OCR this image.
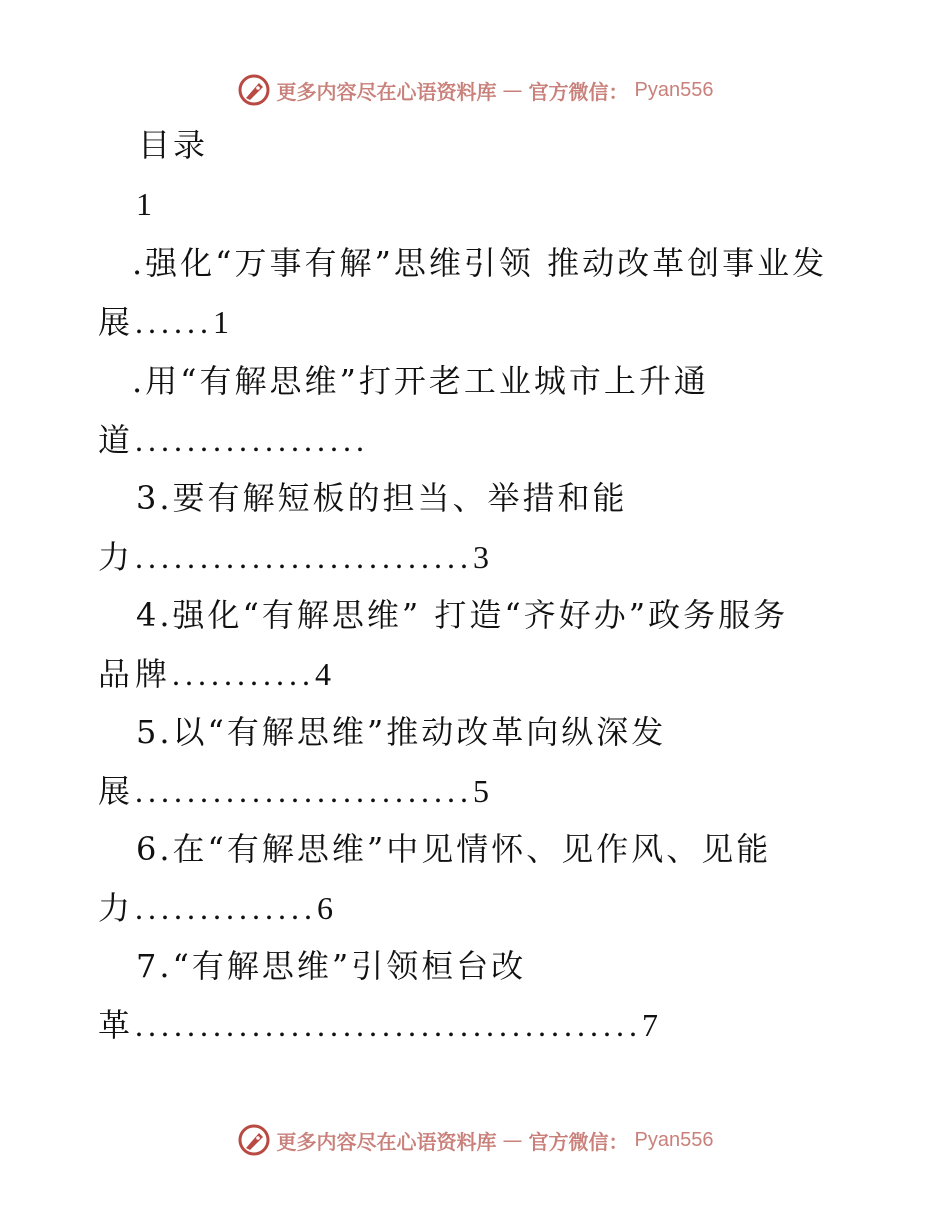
更多内容尽在心语资料库 — 官方微信： Pyan556
目录
1
.强化“万事有解”思维引领 推动改革创事业发
展......1
.用“有解思维”打开老工业城市上升通
道..................
3.要有解短板的担当、举措和能
力..........................3
4.强化“有解思维” 打造“齐好办”政务服务
品牌...........4
5.以“有解思维”推动改革向纵深发
展..........................5
6.在“有解思维”中见情怀、见作风、见能
力..............6
7.“有解思维”引领桓台改
革.......................................7
更多内容尽在心语资料库 — 官方微信： Pyan556
